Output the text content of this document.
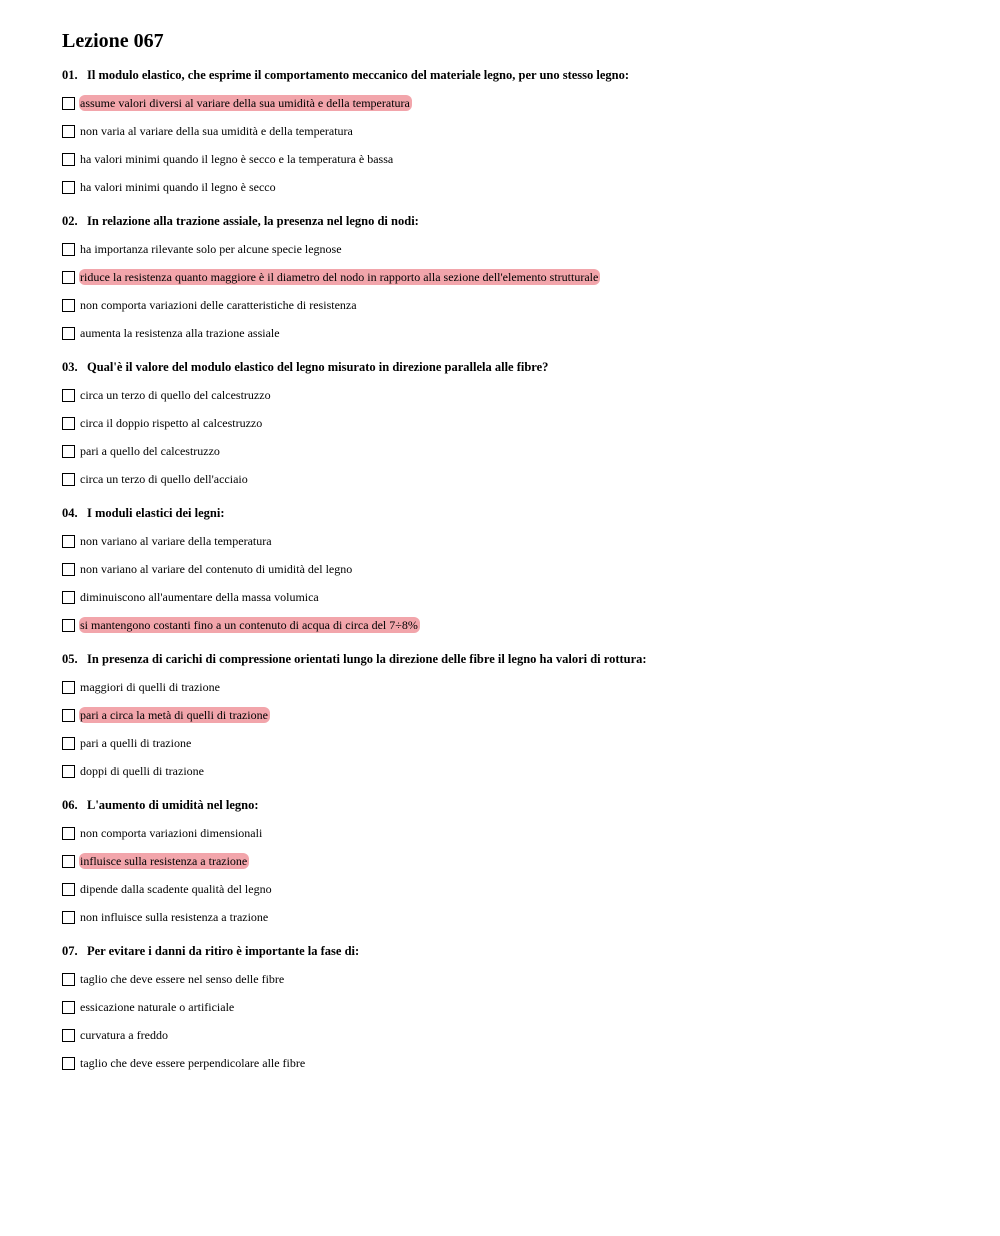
Lezione 067
01. Il modulo elastico, che esprime il comportamento meccanico del materiale legno, per uno stesso legno:
assume valori diversi al variare della sua umidità e della temperatura
non varia al variare della sua umidità e della temperatura
ha valori minimi quando il legno è secco e la temperatura è bassa
ha valori minimi quando il legno è secco
02. In relazione alla trazione assiale, la presenza nel legno di nodi:
ha importanza rilevante solo per alcune specie legnose
riduce la resistenza quanto maggiore è il diametro del nodo in rapporto alla sezione dell'elemento strutturale
non comporta variazioni delle caratteristiche di resistenza
aumenta la resistenza alla trazione assiale
03. Qual'è il valore del modulo elastico del legno misurato in direzione parallela alle fibre?
circa un terzo di quello del calcestruzzo
circa il doppio rispetto al calcestruzzo
pari a quello del calcestruzzo
circa un terzo di quello dell'acciaio
04. I moduli elastici dei legni:
non variano al variare della temperatura
non variano al variare del contenuto di umidità del legno
diminuiscono all'aumentare della massa volumica
si mantengono costanti fino a un contenuto di acqua di circa del 7÷8%
05. In presenza di carichi di compressione orientati lungo la direzione delle fibre il legno ha valori di rottura:
maggiori di quelli di trazione
pari a circa la metà di quelli di trazione
pari a quelli di trazione
doppi di quelli di trazione
06. L'aumento di umidità nel legno:
non comporta variazioni dimensionali
influisce sulla resistenza a trazione
dipende dalla scadente qualità del legno
non influisce sulla resistenza a trazione
07. Per evitare i danni da ritiro è importante la fase di:
taglio che deve essere nel senso delle fibre
essicazione naturale o artificiale
curvatura a freddo
taglio che deve essere perpendicolare alle fibre
